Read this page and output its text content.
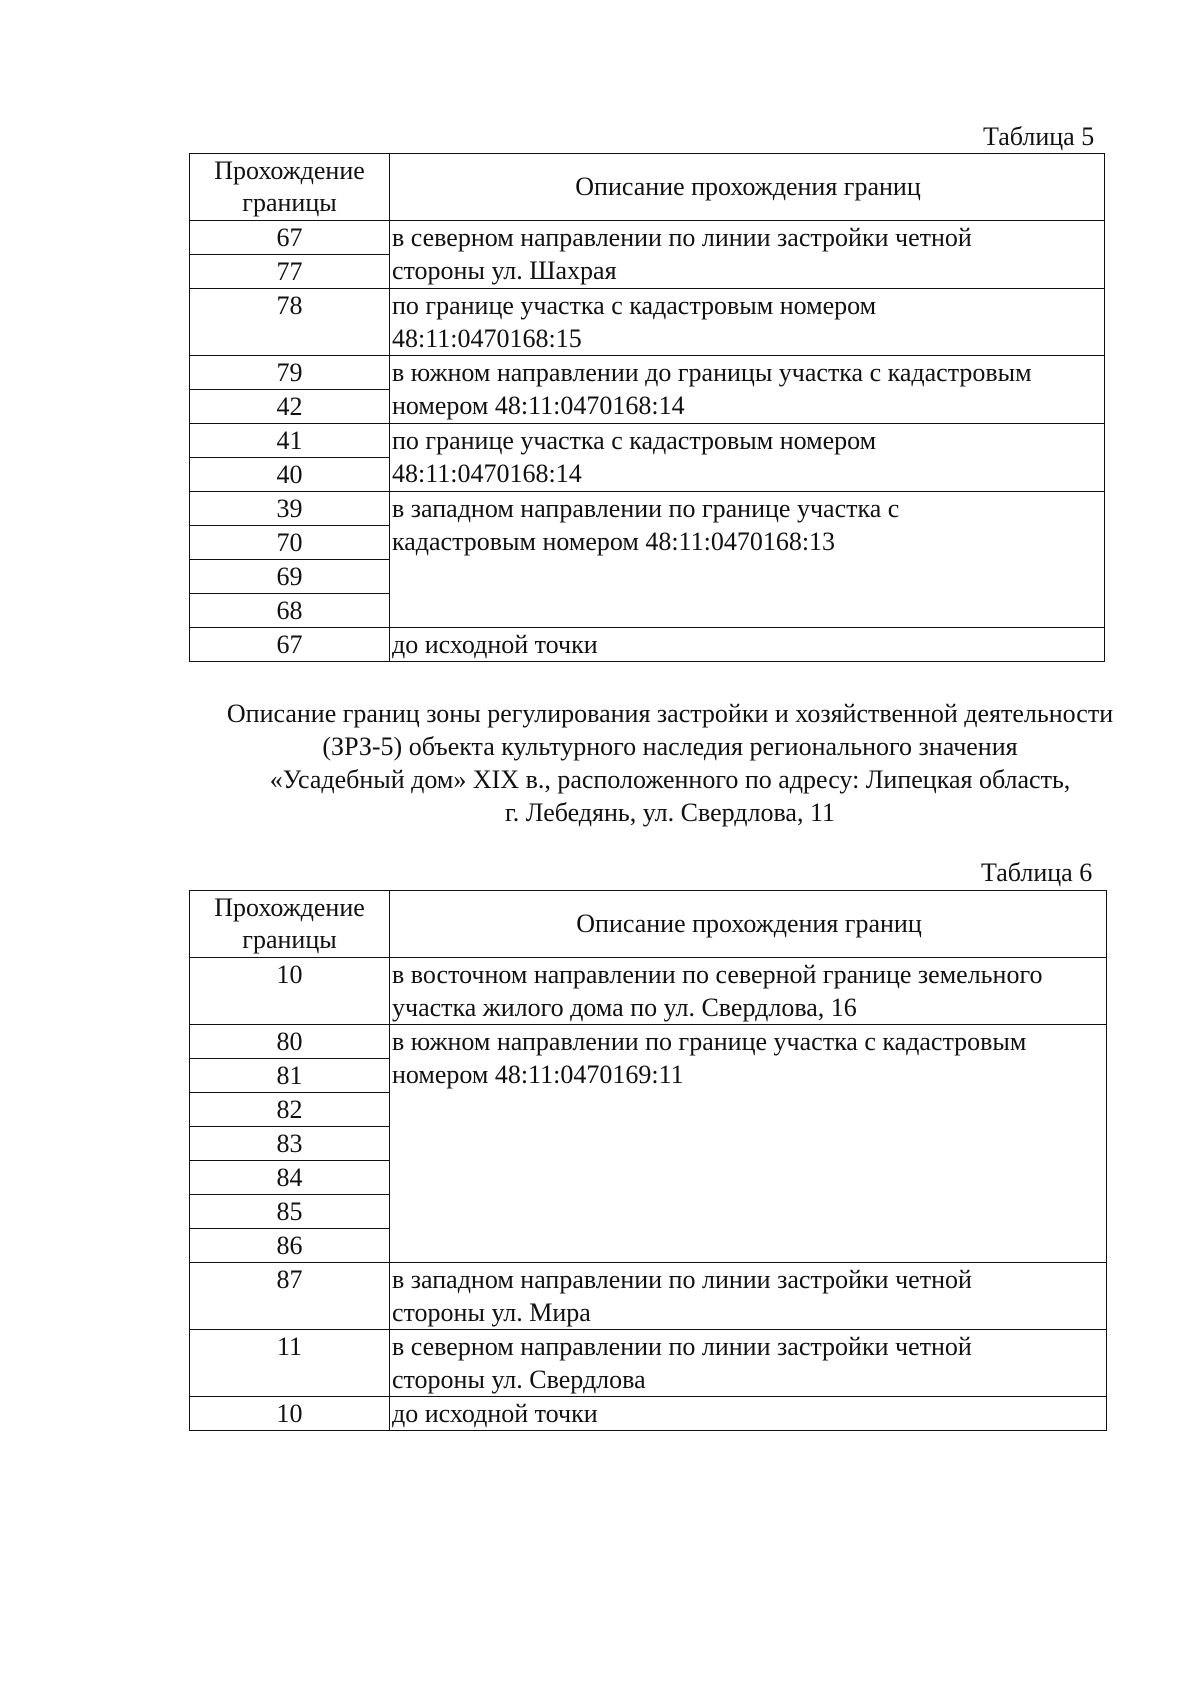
Таблица 5
Прохождение
границы	Описание прохождения границ
67	в северном направлении по линии застройки четной
стороны ул. Шахрая
77	
78	по границе участка с кадастровым номером
48:11:0470168:15
79	в южном направлении до границы участка с кадастровым
номером 48:11:0470168:14
42	
41	по границе участка с кадастровым номером
48:11:0470168:14
40	
39	в западном направлении по границе участка с
кадастровым номером 48:11:0470168:13
70	
69	
68	
67	до исходной точки
Описание границ зоны регулирования застройки и хозяйственной деятельности
(ЗРЗ-5) объекта культурного наследия регионального значения
«Усадебный дом» XIX в., расположенного по адресу: Липецкая область,
г. Лебедянь, ул. Свердлова, 11
Таблица 6
Прохождение
границы	Описание прохождения границ
10	в восточном направлении по северной границе земельного
участка жилого дома по ул. Свердлова, 16
80	в южном направлении по границе участка с кадастровым
номером 48:11:0470169:11
81	
82	
83	
84	
85	
86	
87	в западном направлении по линии застройки четной
стороны ул. Мира
11	в северном направлении по линии застройки четной
стороны ул. Свердлова
10	до исходной точки
